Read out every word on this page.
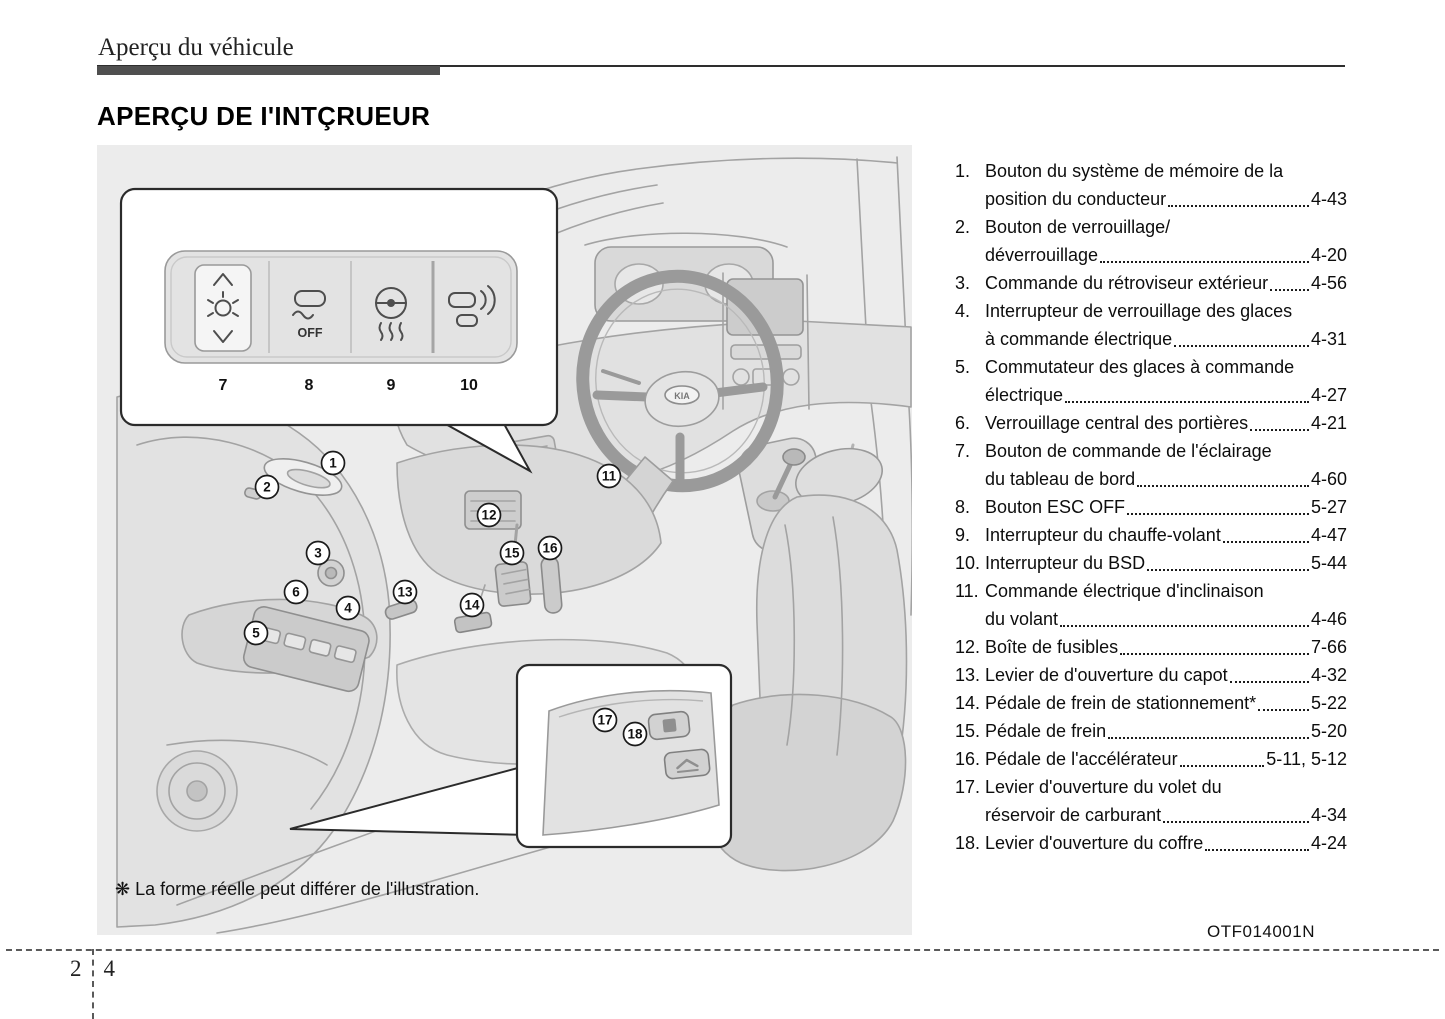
Aperçu du véhicule
APERÇU DE I'INTÇRUEUR
KIA
OFF
7	8	9	10
1
2
3
4
5
6
11
12
13
14
15 16
17
18
❋ La forme réelle peut différer de l'illustration.
1. Bouton du système de mémoire de la
position du conducteur	4-43
2. Bouton de verrouillage/
déverrouillage	4-20
3. Commande du rétroviseur extérieur 4-56
4. Interrupteur de verrouillage des glaces
à commande électrique	4-31
5. Commutateur des glaces à commande
électrique	4-27
6. Verrouillage central des portières	4-21
7. Bouton de commande de l'éclairage
du tableau de bord	4-60
8. Bouton ESC OFF	5-27
9. Interrupteur du chauffe-volant	4-47
10. Interrupteur du BSD	5-44
11. Commande électrique d'inclinaison
du volant	4-46
12. Boîte de fusibles	7-66
13. Levier de d'ouverture du capot	4-32
14. Pédale de frein de stationnement*	5-22
15. Pédale de frein	5-20
16. Pédale de l'accélérateur	5-11, 5-12
17. Levier d'ouverture du volet du
réservoir de carburant	4-34
18. Levier d'ouverture du coffre	4-24
OTF014001N
2 4
